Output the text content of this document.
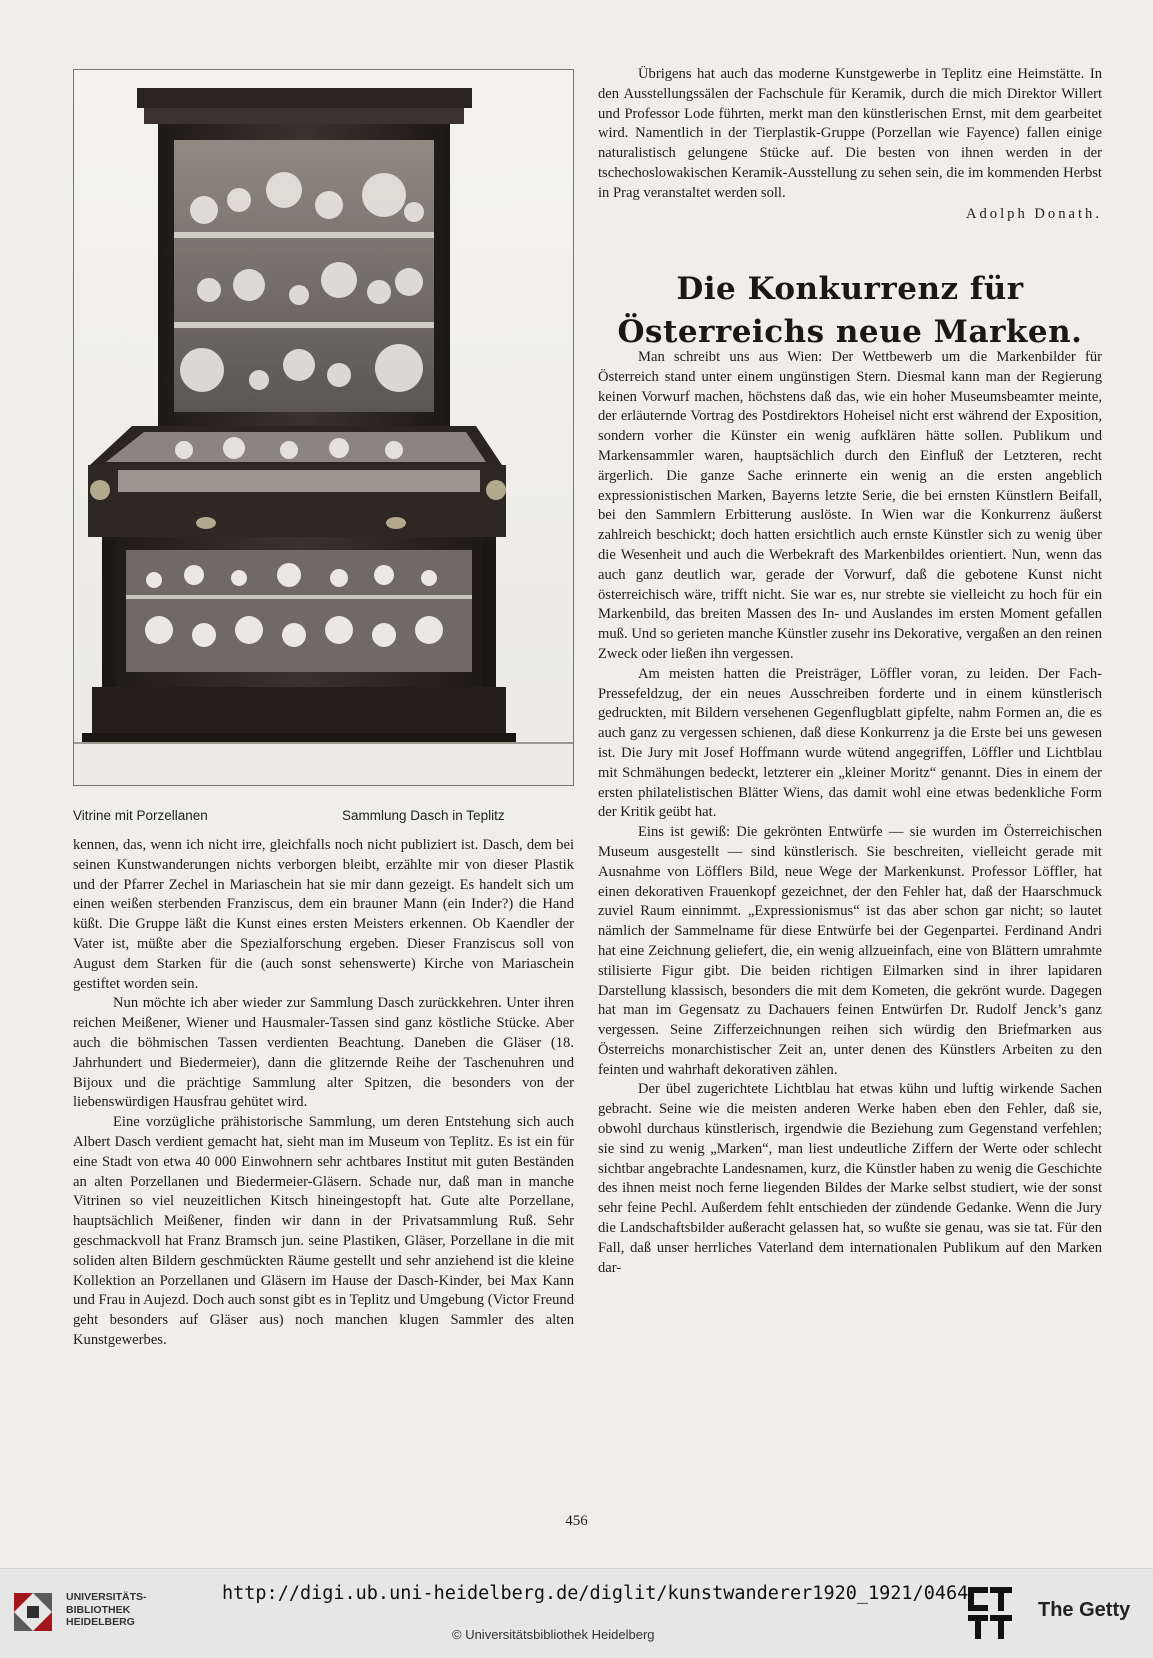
Vitrine mit Porzellanen	Sammlung Dasch in Teplitz

kennen, das, wenn ich nicht irre, gleichfalls noch nicht publiziert ist. Dasch, dem bei seinen Kunstwanderungen nichts verborgen bleibt, erzählte mir von dieser Plastik und der Pfarrer Zechel in Mariaschein hat sie mir dann gezeigt. Es handelt sich um einen weißen sterbenden Franziscus, dem ein brauner Mann (ein Inder?) die Hand küßt. Die Gruppe läßt die Kunst eines ersten Meisters erkennen. Ob Kaendler der Vater ist, müßte aber die Spezialforschung ergeben. Dieser Franziscus soll von August dem Starken für die (auch sonst sehenswerte) Kirche von Mariaschein gestiftet worden sein.

Nun möchte ich aber wieder zur Sammlung Dasch zurückkehren. Unter ihren reichen Meißener, Wiener und Hausmaler-Tassen sind ganz köstliche Stücke. Aber auch die böhmischen Tassen verdienten Beachtung. Daneben die Gläser (18. Jahrhundert und Biedermeier), dann die glitzernde Reihe der Taschenuhren und Bijoux und die prächtige Sammlung alter Spitzen, die besonders von der liebenswürdigen Hausfrau gehütet wird.

Eine vorzügliche prähistorische Sammlung, um deren Entstehung sich auch Albert Dasch verdient gemacht hat, sieht man im Museum von Teplitz. Es ist ein für eine Stadt von etwa 40 000 Einwohnern sehr achtbares Institut mit guten Beständen an alten Porzellanen und Biedermeier-Gläsern. Schade nur, daß man in manche Vitrinen so viel neuzeitlichen Kitsch hineingestopft hat. Gute alte Porzellane, hauptsächlich Meißener, finden wir dann in der Privatsammlung Ruß. Sehr geschmackvoll hat Franz Bramsch jun. seine Plastiken, Gläser, Porzellane in die mit soliden alten Bildern geschmückten Räume gestellt und sehr anziehend ist die kleine Kollektion an Porzellanen und Gläsern im Hause der Dasch-Kinder, bei Max Kann und Frau in Aujezd. Doch auch sonst gibt es in Teplitz und Umgebung (Victor Freund geht besonders auf Gläser aus) noch manchen klugen Sammler des alten Kunstgewerbes.

Übrigens hat auch das moderne Kunstgewerbe in Teplitz eine Heimstätte. In den Ausstellungssälen der Fachschule für Keramik, durch die mich Direktor Willert und Professor Lode führten, merkt man den künstlerischen Ernst, mit dem gearbeitet wird. Namentlich in der Tierplastik-Gruppe (Porzellan wie Fayence) fallen einige naturalistisch gelungene Stücke auf. Die besten von ihnen werden in der tschechoslowakischen Keramik-Ausstellung zu sehen sein, die im kommenden Herbst in Prag veranstaltet werden soll.

Adolph Donath.
Die Konkurrenz für Österreichs neue Marken.

Man schreibt uns aus Wien: Der Wettbewerb um die Markenbilder für Österreich stand unter einem ungünstigen Stern. Diesmal kann man der Regierung keinen Vorwurf machen, höchstens daß das, wie ein hoher Museumsbeamter meinte, der erläuternde Vortrag des Postdirektors Hoheisel nicht erst während der Exposition, sondern vorher die Künster ein wenig aufklären hätte sollen. Publikum und Markensammler waren, hauptsächlich durch den Einfluß der Letzteren, recht ärgerlich. Die ganze Sache erinnerte ein wenig an die ersten angeblich expressionistischen Marken, Bayerns letzte Serie, die bei ernsten Künstlern Beifall, bei den Sammlern Erbitterung auslöste. In Wien war die Konkurrenz äußerst zahlreich beschickt; doch hatten ersichtlich auch ernste Künstler sich zu wenig über die Wesenheit und auch die Werbekraft des Markenbildes orientiert. Nun, wenn das auch ganz deutlich war, gerade der Vorwurf, daß die gebotene Kunst nicht österreichisch wäre, trifft nicht. Sie war es, nur strebte sie vielleicht zu hoch für ein Markenbild, das breiten Massen des In- und Auslandes im ersten Moment gefallen muß. Und so gerieten manche Künstler zusehr ins Dekorative, vergaßen an den reinen Zweck oder ließen ihn vergessen.

Am meisten hatten die Preisträger, Löffler voran, zu leiden. Der Fach-Pressefeldzug, der ein neues Ausschreiben forderte und in einem künstlerisch gedruckten, mit Bildern versehenen Gegenflugblatt gipfelte, nahm Formen an, die es auch ganz zu vergessen schienen, daß diese Konkurrenz ja die Erste bei uns gewesen ist. Die Jury mit Josef Hoffmann wurde wütend angegriffen, Löffler und Lichtblau mit Schmähungen bedeckt, letzterer ein „kleiner Moritz“ genannt. Dies in einem der ersten philatelistischen Blätter Wiens, das damit wohl eine etwas bedenkliche Form der Kritik geübt hat.

Eins ist gewiß: Die gekrönten Entwürfe — sie wurden im Österreichischen Museum ausgestellt — sind künstlerisch. Sie beschreiten, vielleicht gerade mit Ausnahme von Löfflers Bild, neue Wege der Markenkunst. Professor Löffler, hat einen dekorativen Frauenkopf gezeichnet, der den Fehler hat, daß der Haarschmuck zuviel Raum einnimmt. „Expressionismus“ ist das aber schon gar nicht; so lautet nämlich der Sammelname für diese Entwürfe bei der Gegenpartei. Ferdinand Andri hat eine Zeichnung geliefert, die, ein wenig allzueinfach, eine von Blättern umrahmte stilisierte Figur gibt. Die beiden richtigen Eilmarken sind in ihrer lapidaren Darstellung klassisch, besonders die mit dem Kometen, die gekrönt wurde. Dagegen hat man im Gegensatz zu Dachauers feinen Entwürfen Dr. Rudolf Jenck’s ganz vergessen. Seine Zifferzeichnungen reihen sich würdig den Briefmarken aus Österreichs monarchistischer Zeit an, unter denen des Künstlers Arbeiten zu den feinten und wahrhaft dekorativen zählen.

Der übel zugerichtete Lichtblau hat etwas kühn und luftig wirkende Sachen gebracht. Seine wie die meisten anderen Werke haben eben den Fehler, daß sie, obwohl durchaus künstlerisch, irgendwie die Beziehung zum Gegenstand verfehlen; sie sind zu wenig „Marken“, man liest undeutliche Ziffern der Werte oder schlecht sichtbar angebrachte Landesnamen, kurz, die Künstler haben zu wenig die Geschichte des ihnen meist noch ferne liegenden Bildes der Marke selbst studiert, wie der sonst sehr feine Pechl. Außerdem fehlt entschieden der zündende Gedanke. Wenn die Jury die Landschaftsbilder außeracht gelassen hat, so wußte sie genau, was sie tat. Für den Fall, daß unser herrliches Vaterland dem internationalen Publikum auf den Marken dar-

456
UNIVERSITÄTS-
BIBLIOTHEK
HEIDELBERG
http://digi.ub.uni-heidelberg.de/diglit/kunstwanderer1920_1921/0464
© Universitätsbibliothek Heidelberg
The Getty
